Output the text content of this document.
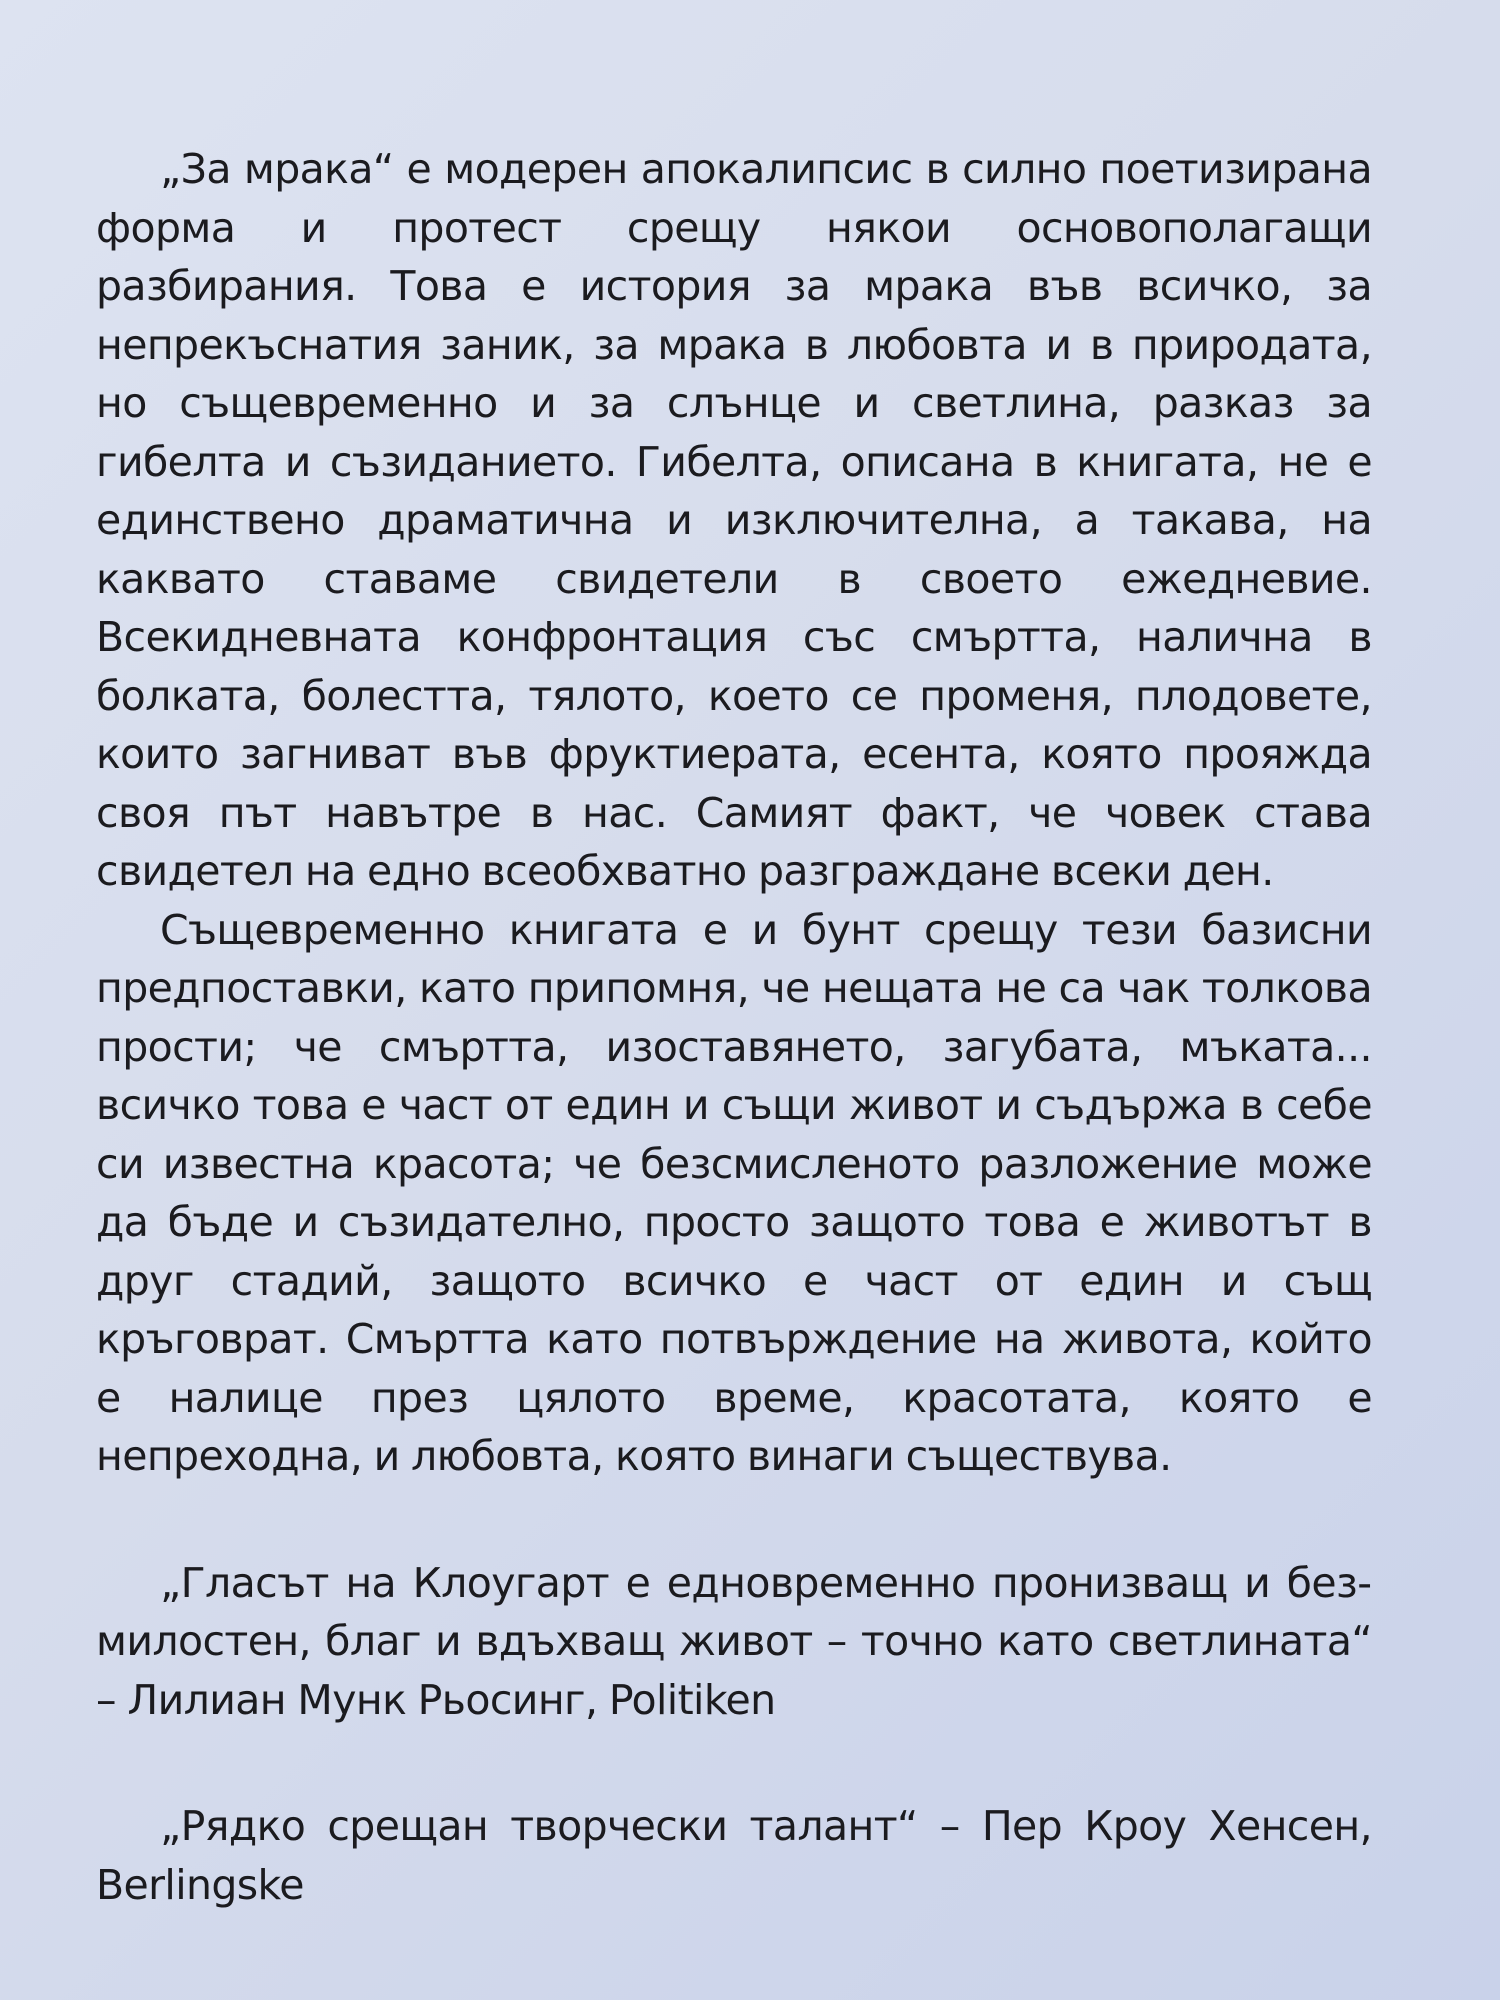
„За мрака“ е модерен апокалипсис в силно поетизирана форма и протест срещу някои основополагащи разбирания. Това е история за мрака във всичко, за непрекъснатия заник, за мрака в любовта и в природата, но същевременно и за слънце и светлина, разказ за гибелта и съзиданието. Гибелта, описана в книгата, не е единствено драматична и изключителна, а такава, на каквато ставаме свидетели в своето ежедневие. Всекидневната конфронтация със смъртта, налична в болката, болестта, тялото, което се променя, плодовете, които загниват във фруктиерата, есента, която прояжда своя път навътре в нас. Самият факт, че човек става свидетел на едно всеобхватно разграждане всеки ден.

Същевременно книгата е и бунт срещу тези базисни предпоставки, като припомня, че нещата не са чак толкова прости; че смъртта, изоставянето, загубата, мъката... всичко това е част от един и същи живот и съдържа в себе си известна красота; че безсмисленото разложение може да бъде и съзидателно, просто защото това е животът в друг стадий, защото всичко е част от един и същ кръговрат. Смъртта като потвърждение на живота, който е налице през цялото време, красотата, която е непреходна, и любовта, която винаги съществува.

„Гласът на Клоугарт е едновременно пронизващ и безмилостен, благ и вдъхващ живот – точно като светлината“ – Лилиан Мунк Рьосинг, Politiken

„Рядко срещан творчески талант“ – Пер Кроу Хенсен, Berlingske
